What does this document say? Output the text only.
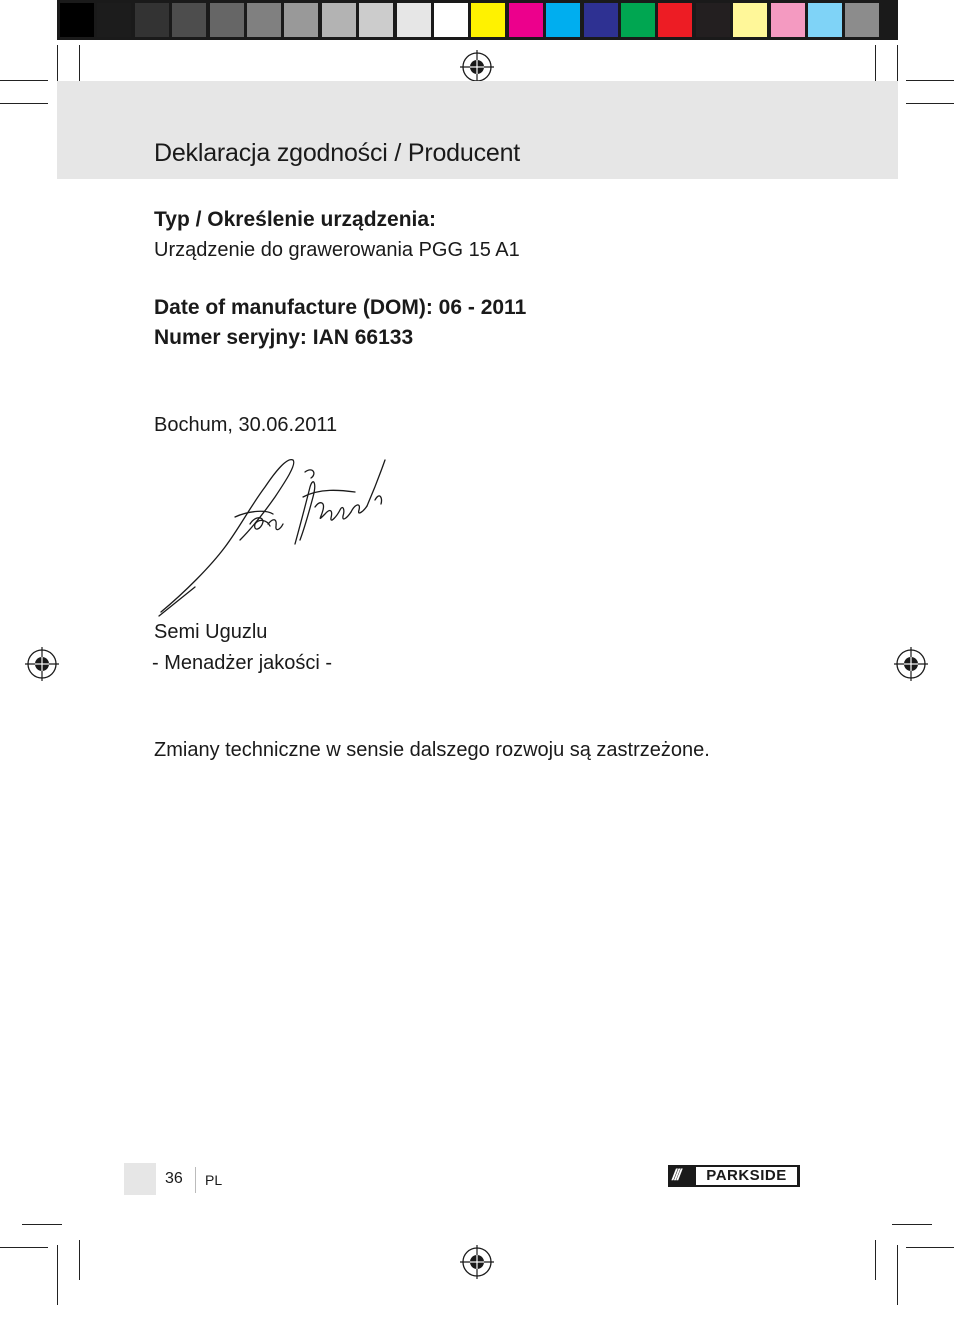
Deklaracja zgodności / Producent
Typ / Określenie urządzenia:
Urządzenie do grawerowania PGG 15 A1
Date of manufacture (DOM): 06 - 2011
Numer seryjny: IAN 66133
Bochum, 30.06.2011
Semi Uguzlu
- Menadżer jakości -
Zmiany techniczne w sensie dalszego rozwoju są zastrzeżone.
36 PL	///	PARKSIDE
